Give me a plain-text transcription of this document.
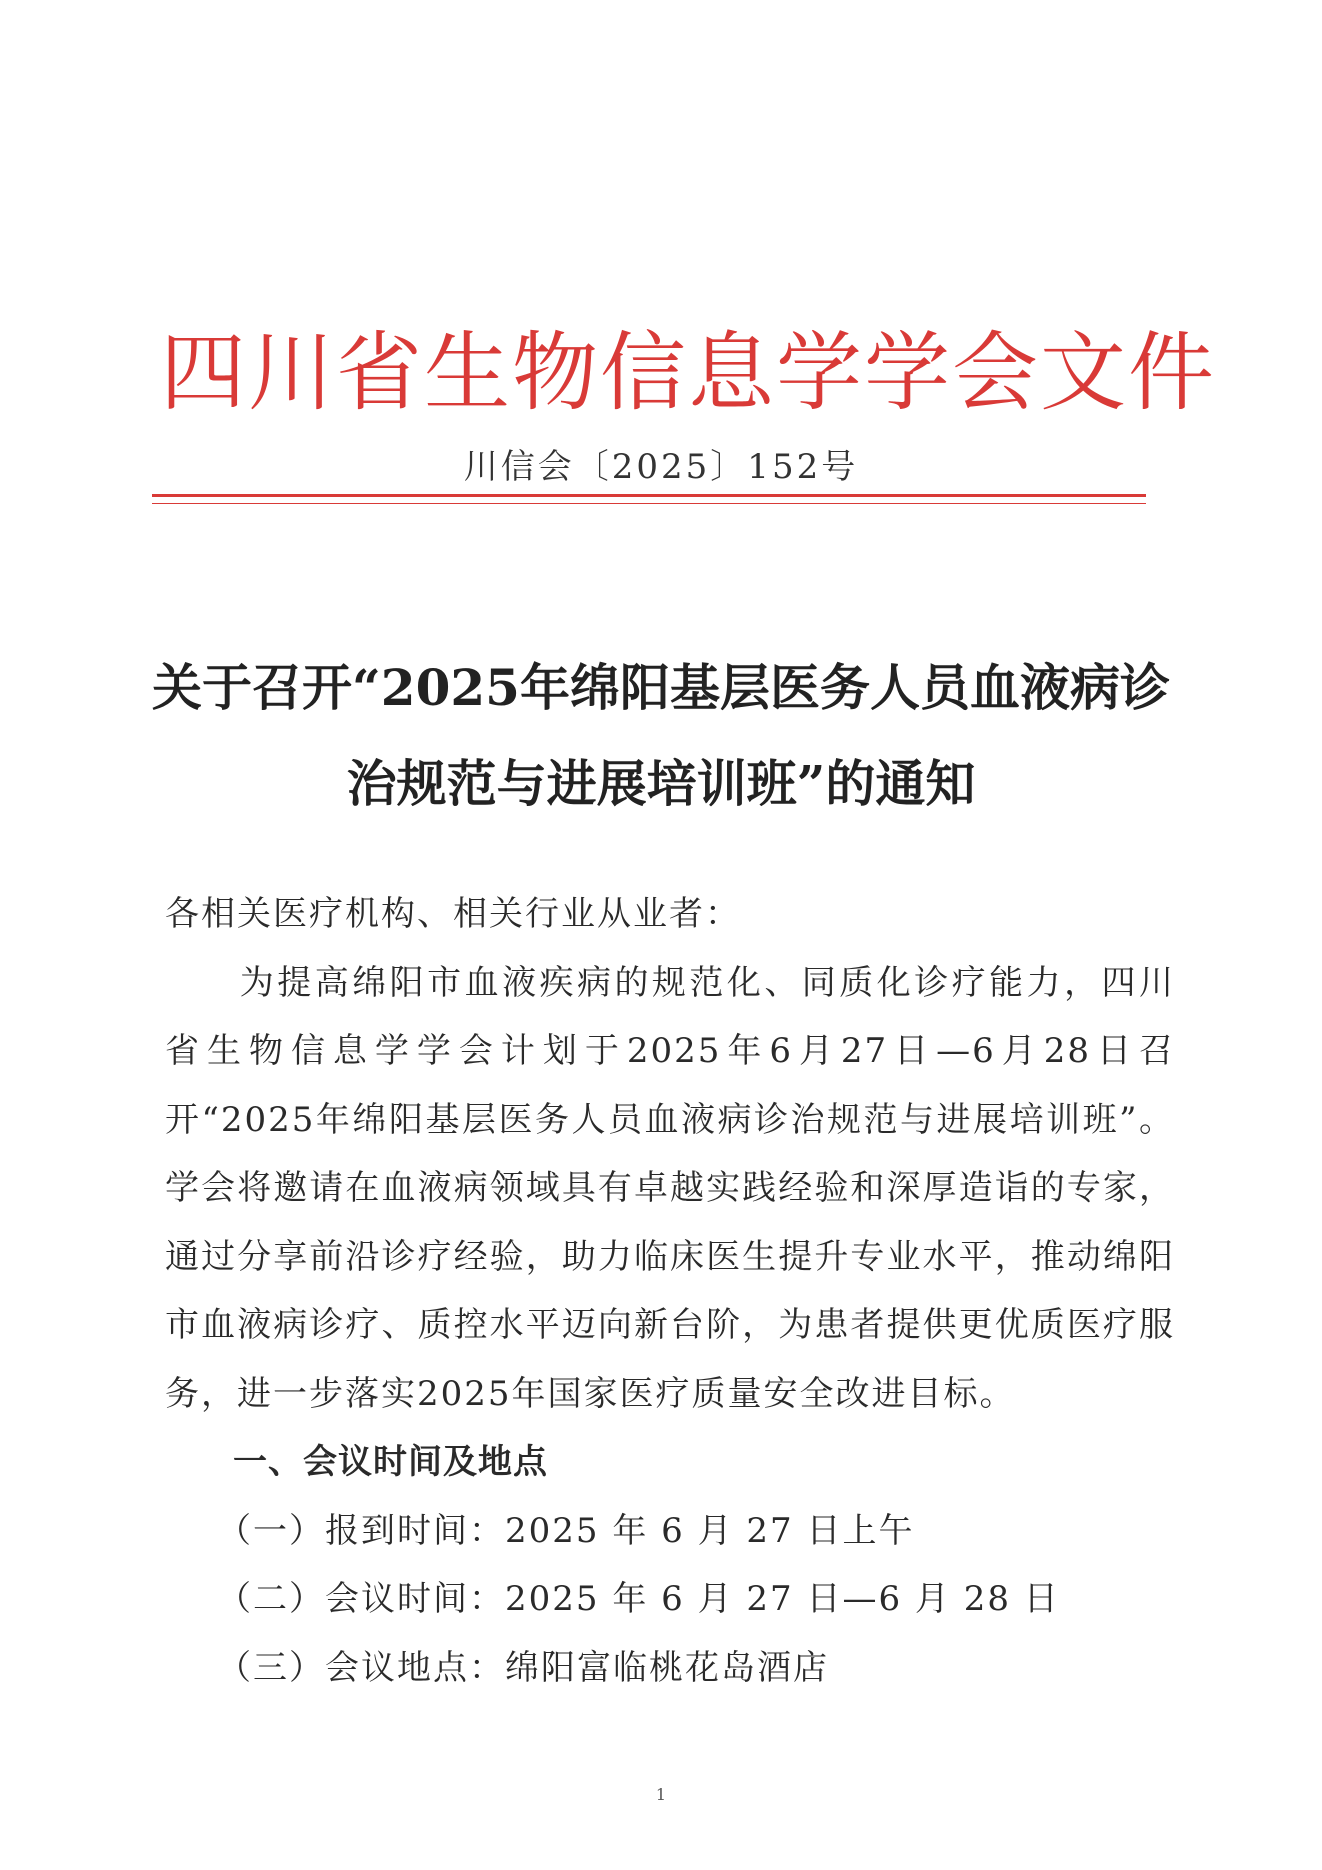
四川省生物信息学学会文件
川信会〔2025〕152号
关于召开“2025年绵阳基层医务人员血液病诊
治规范与进展培训班”的通知

各相关医疗机构、相关行业从业者：

为提高绵阳市血液疾病的规范化、同质化诊疗能力，四川省生物信息学学会计划于2025年6月27日—6月28日召开“2025年绵阳基层医务人员血液病诊治规范与进展培训班”。学会将邀请在血液病领域具有卓越实践经验和深厚造诣的专家，通过分享前沿诊疗经验，助力临床医生提升专业水平，推动绵阳市血液病诊疗、质控水平迈向新台阶，为患者提供更优质医疗服务，进一步落实2025年国家医疗质量安全改进目标。

一、会议时间及地点

（一）报到时间：2025 年 6 月 27 日上午

（二）会议时间：2025 年 6 月 27 日—6 月 28 日

（三）会议地点：绵阳富临桃花岛酒店

1
